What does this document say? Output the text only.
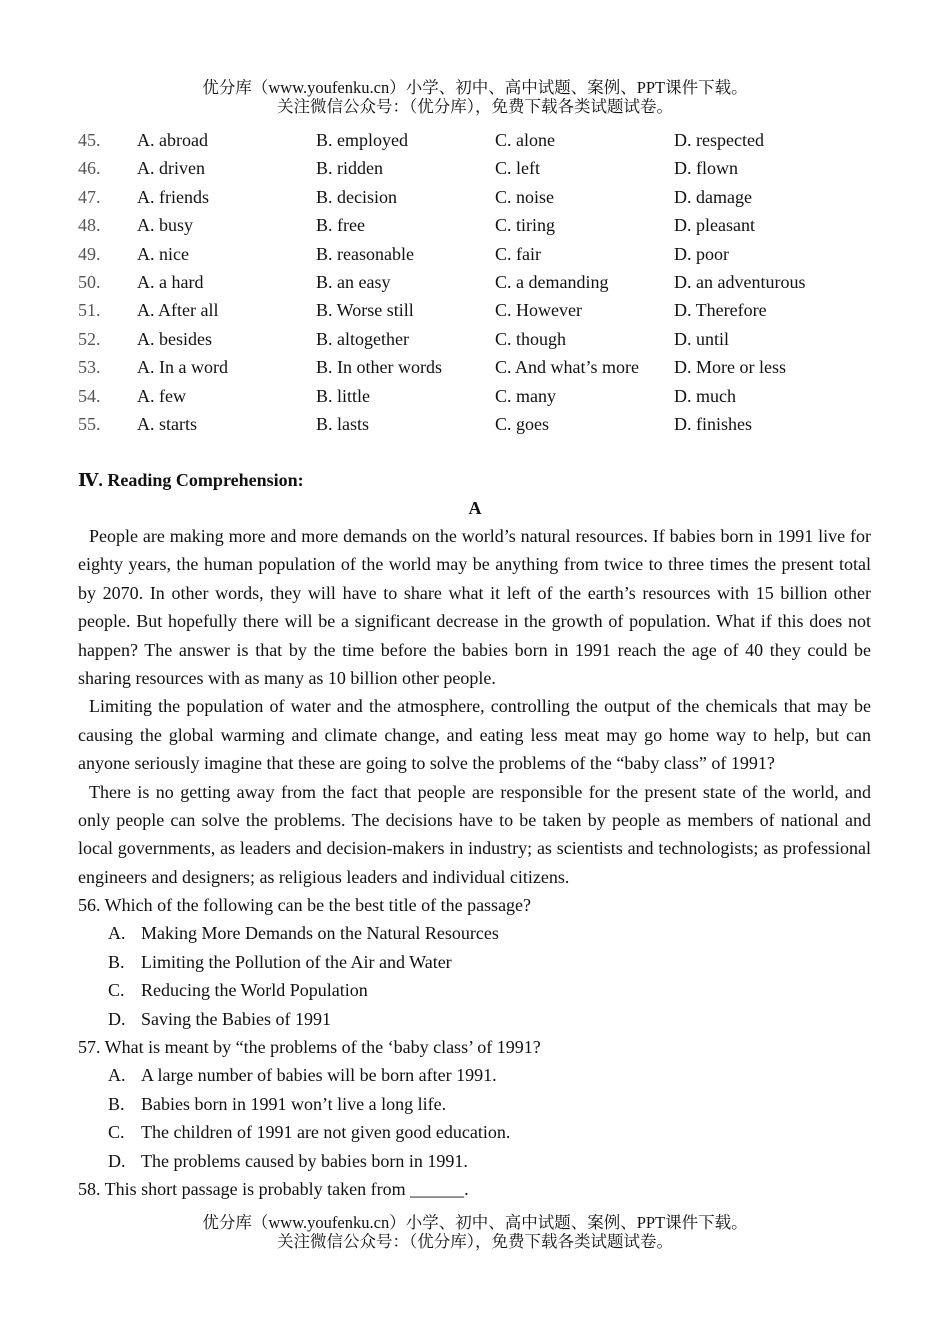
优分库（www.youfenku.cn）小学、初中、高中试题、案例、PPT课件下载。
关注微信公众号：（优分库），免费下载各类试题试卷。
45. A. abroad	B. employed	C. alone	D. respected
46. A. driven	B. ridden	C. left	D. flown
47. A. friends	B. decision	C. noise	D. damage
48. A. busy	B. free	C. tiring	D. pleasant
49. A. nice	B. reasonable	C. fair	D. poor
50. A. a hard	B. an easy	C. a demanding	D. an adventurous
51. A. After all	B. Worse still	C. However	D. Therefore
52. A. besides	B. altogether	C. though	D. until
53. A. In a word	B. In other words	C. And what’s more D. More or less
54. A. few	B. little	C. many	D. much
55. A. starts	B. lasts	C. goes	D. finishes
Ⅳ. Reading Comprehension:
A

People are making more and more demands on the world’s natural resources. If babies born in 1991 live for eighty years, the human population of the world may be anything from twice to three times the present total by 2070. In other words, they will have to share what it left of the earth’s resources with 15 billion other people. But hopefully there will be a significant decrease in the growth of population. What if this does not happen? The answer is that by the time before the babies born in 1991 reach the age of 40 they could be sharing resources with as many as 10 billion other people.

Limiting the population of water and the atmosphere, controlling the output of the chemicals that may be causing the global warming and climate change, and eating less meat may go home way to help, but can anyone seriously imagine that these are going to solve the problems of the “baby class” of 1991?

There is no getting away from the fact that people are responsible for the present state of the world, and only people can solve the problems. The decisions have to be taken by people as members of national and local governments, as leaders and decision-makers in industry; as scientists and technologists; as professional engineers and designers; as religious leaders and individual citizens.

56. Which of the following can be the best title of the passage?
A. Making More Demands on the Natural Resources
B. Limiting the Pollution of the Air and Water
C. Reducing the World Population
D. Saving the Babies of 1991
57. What is meant by “the problems of the ‘baby class’ of 1991?
A. A large number of babies will be born after 1991.
B. Babies born in 1991 won’t live a long life.
C. The children of 1991 are not given good education.
D. The problems caused by babies born in 1991.
58. This short passage is probably taken from ______.
优分库（www.youfenku.cn）小学、初中、高中试题、案例、PPT课件下载。
关注微信公众号：（优分库），免费下载各类试题试卷。
